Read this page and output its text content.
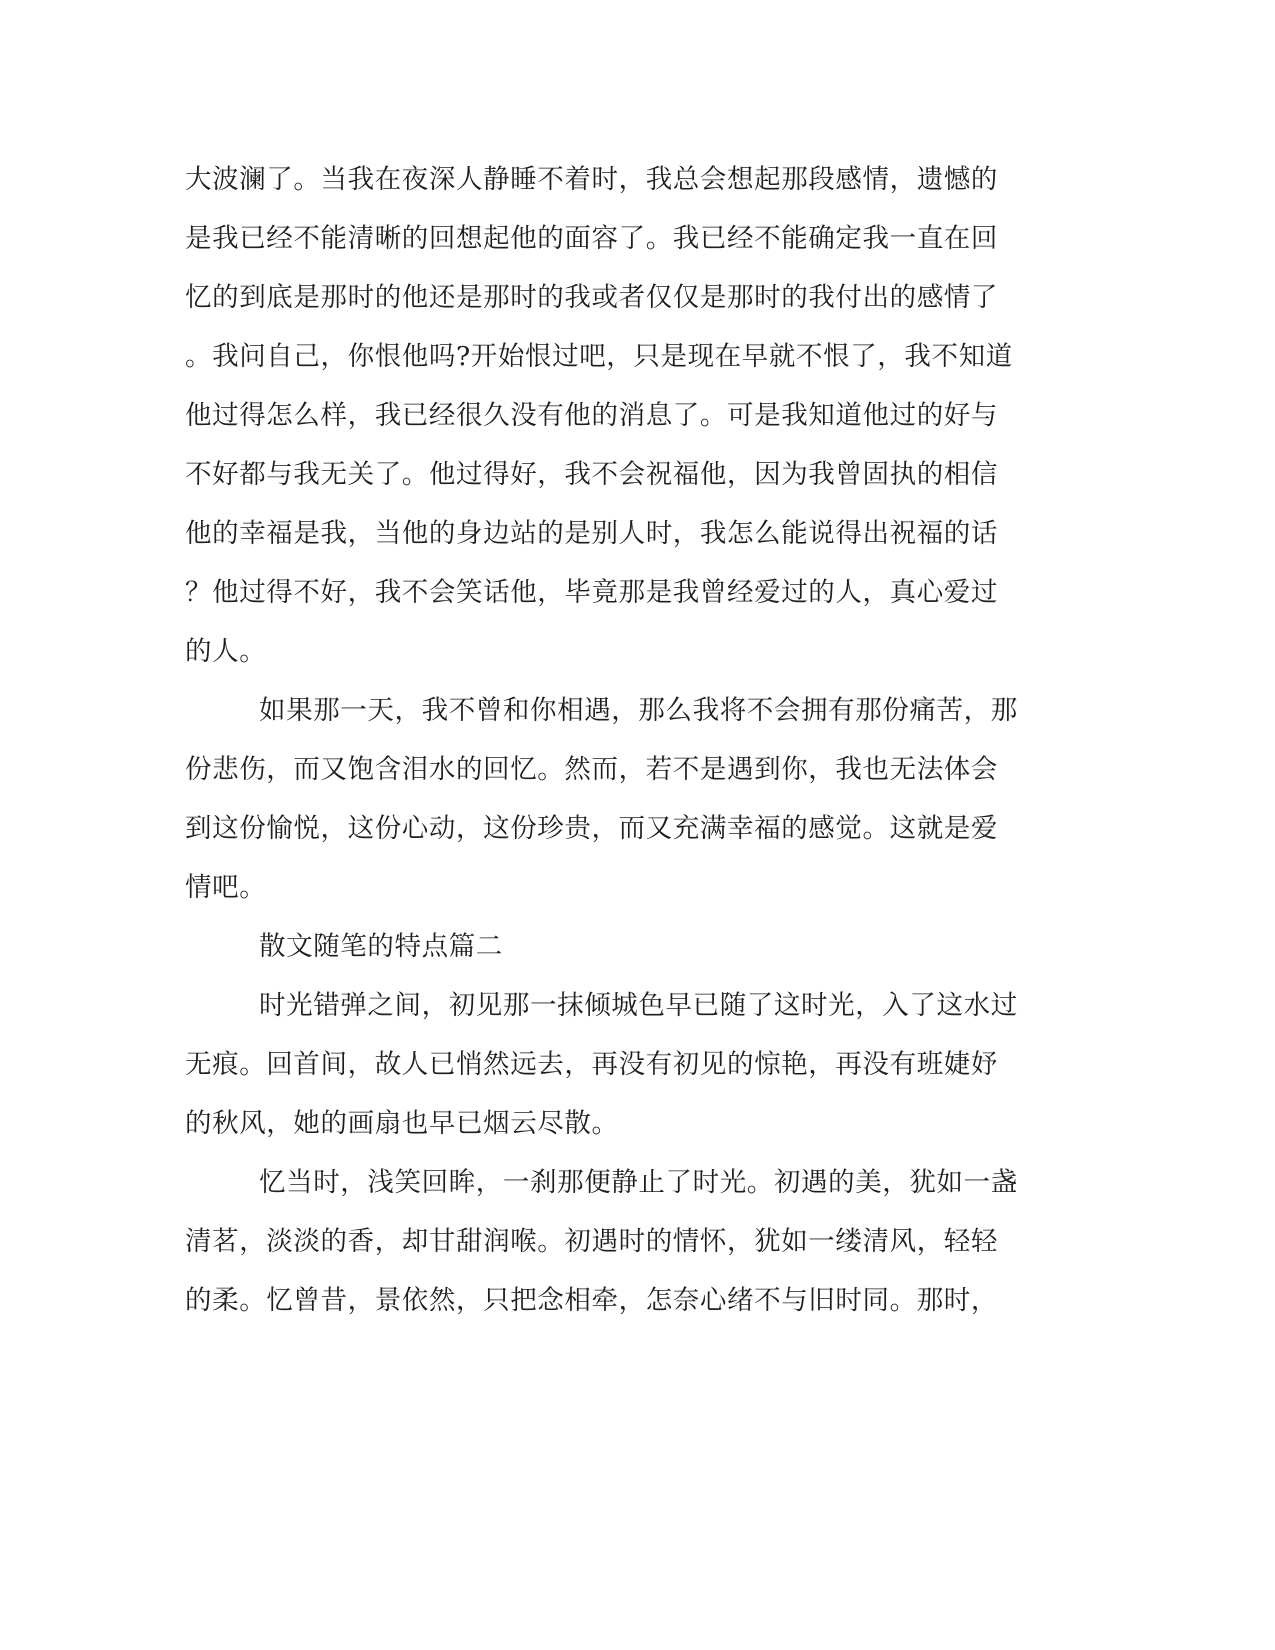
大波澜了。当我在夜深人静睡不着时，我总会想起那段感情，遗憾的
是我已经不能清晰的回想起他的面容了。我已经不能确定我一直在回
忆的到底是那时的他还是那时的我或者仅仅是那时的我付出的感情了
。我问自己，你恨他吗?开始恨过吧，只是现在早就不恨了，我不知道
他过得怎么样，我已经很久没有他的消息了。可是我知道他过的好与
不好都与我无关了。他过得好，我不会祝福他，因为我曾固执的相信
他的幸福是我，当他的身边站的是别人时，我怎么能说得出祝福的话
？他过得不好，我不会笑话他，毕竟那是我曾经爱过的人，真心爱过
的人。
如果那一天，我不曾和你相遇，那么我将不会拥有那份痛苦，那
份悲伤，而又饱含泪水的回忆。然而，若不是遇到你，我也无法体会
到这份愉悦，这份心动，这份珍贵，而又充满幸福的感觉。这就是爱
情吧。
散文随笔的特点篇二
时光错弹之间，初见那一抹倾城色早已随了这时光，入了这水过
无痕。回首间，故人已悄然远去，再没有初见的惊艳，再没有班婕妤
的秋风，她的画扇也早已烟云尽散。
忆当时，浅笑回眸，一刹那便静止了时光。初遇的美，犹如一盏
清茗，淡淡的香，却甘甜润喉。初遇时的情怀，犹如一缕清风，轻轻
的柔。忆曾昔，景依然，只把念相牵，怎奈心绪不与旧时同。那时，
